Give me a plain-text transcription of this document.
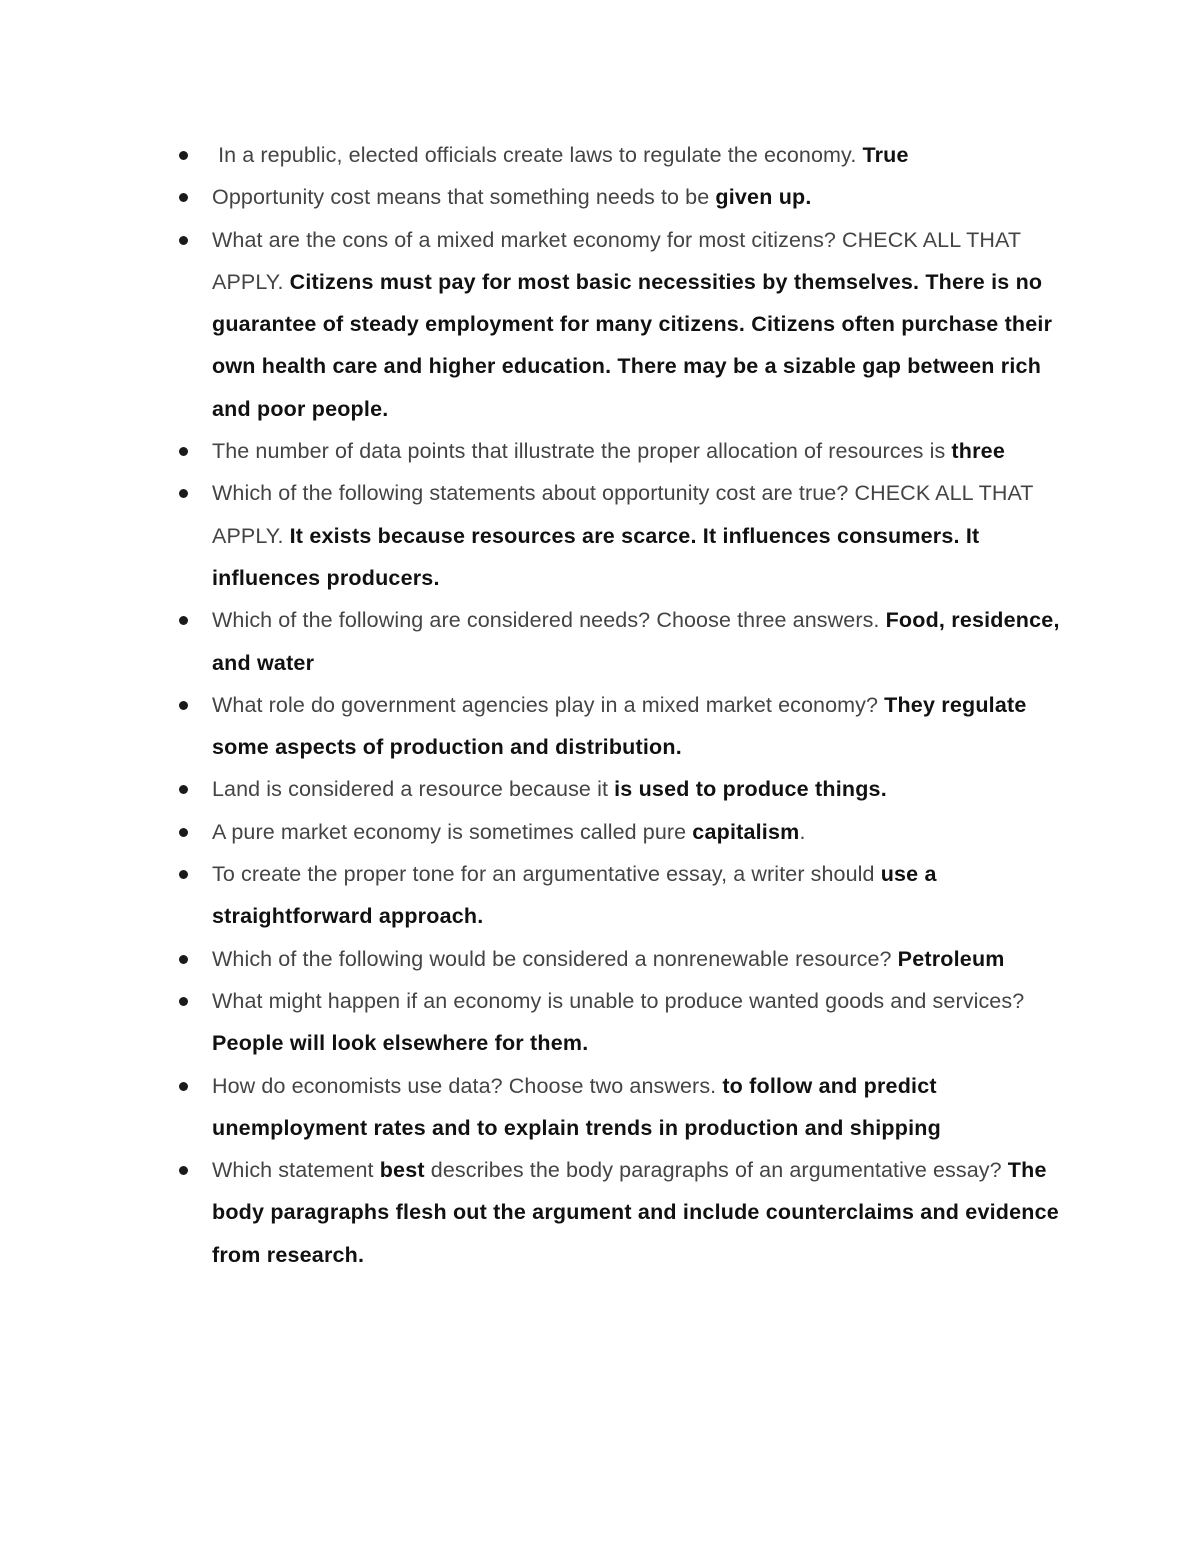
In a republic, elected officials create laws to regulate the economy. True
Opportunity cost means that something needs to be given up.
What are the cons of a mixed market economy for most citizens? CHECK ALL THAT APPLY. Citizens must pay for most basic necessities by themselves. There is no guarantee of steady employment for many citizens. Citizens often purchase their own health care and higher education. There may be a sizable gap between rich and poor people.
The number of data points that illustrate the proper allocation of resources is three
Which of the following statements about opportunity cost are true? CHECK ALL THAT APPLY. It exists because resources are scarce. It influences consumers. It influences producers.
Which of the following are considered needs? Choose three answers. Food, residence, and water
What role do government agencies play in a mixed market economy? They regulate some aspects of production and distribution.
Land is considered a resource because it is used to produce things.
A pure market economy is sometimes called pure capitalism.
To create the proper tone for an argumentative essay, a writer should use a straightforward approach.
Which of the following would be considered a nonrenewable resource? Petroleum
What might happen if an economy is unable to produce wanted goods and services? People will look elsewhere for them.
How do economists use data? Choose two answers. to follow and predict unemployment rates and to explain trends in production and shipping
Which statement best describes the body paragraphs of an argumentative essay? The body paragraphs flesh out the argument and include counterclaims and evidence from research.
